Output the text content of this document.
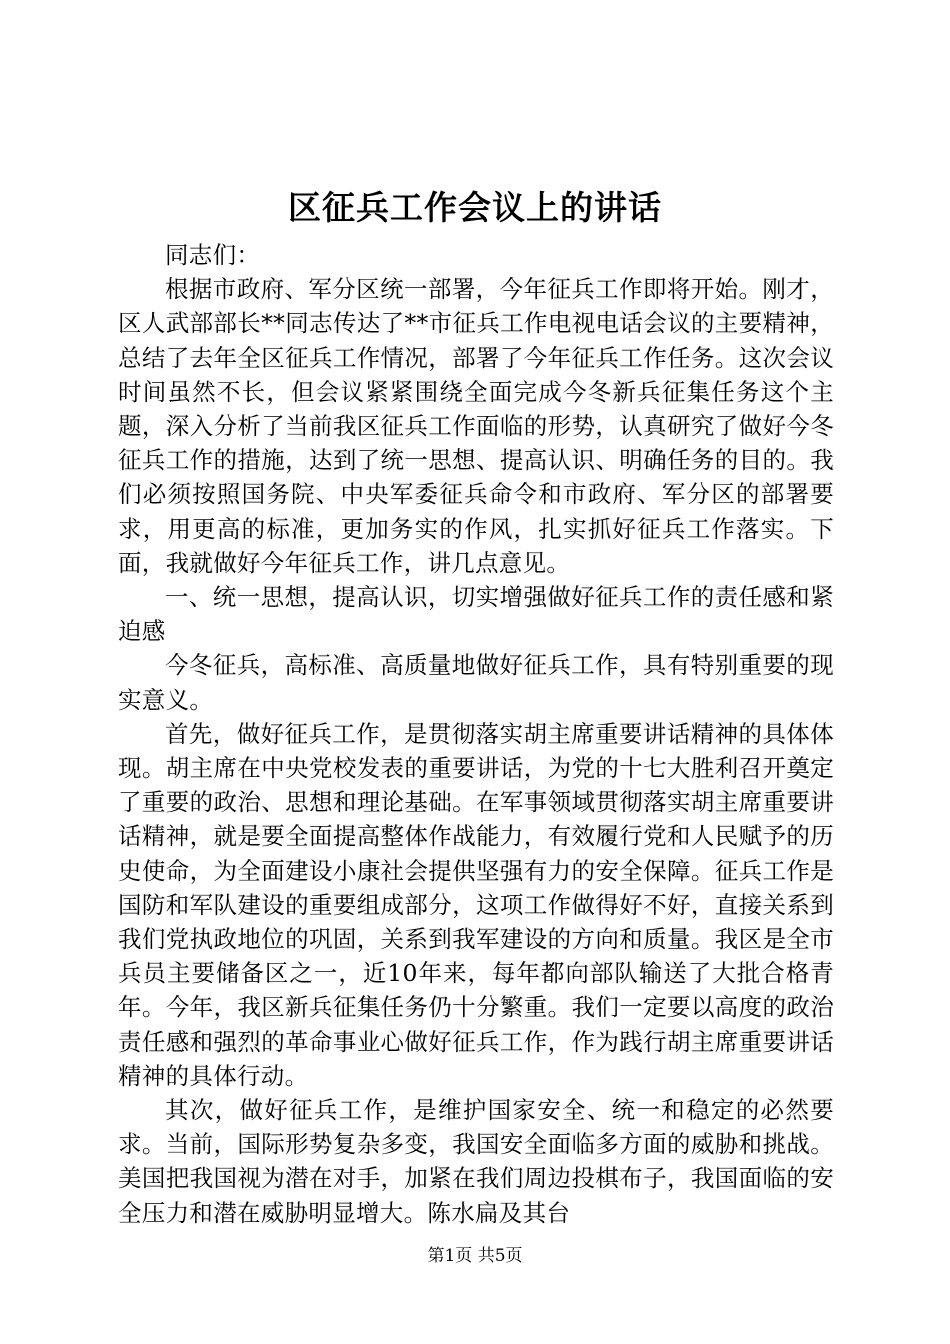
区征兵工作会议上的讲话

同志们：

根据市政府、军分区统一部署，今年征兵工作即将开始。刚才，区人武部部长**同志传达了**市征兵工作电视电话会议的主要精神，总结了去年全区征兵工作情况，部署了今年征兵工作任务。这次会议时间虽然不长，但会议紧紧围绕全面完成今冬新兵征集任务这个主题，深入分析了当前我区征兵工作面临的形势，认真研究了做好今冬征兵工作的措施，达到了统一思想、提高认识、明确任务的目的。我们必须按照国务院、中央军委征兵命令和市政府、军分区的部署要求，用更高的标准，更加务实的作风，扎实抓好征兵工作落实。下面，我就做好今年征兵工作，讲几点意见。

一、统一思想，提高认识，切实增强做好征兵工作的责任感和紧迫感

今冬征兵，高标准、高质量地做好征兵工作，具有特别重要的现实意义。

首先，做好征兵工作，是贯彻落实胡主席重要讲话精神的具体体现。胡主席在中央党校发表的重要讲话，为党的十七大胜利召开奠定了重要的政治、思想和理论基础。在军事领域贯彻落实胡主席重要讲话精神，就是要全面提高整体作战能力，有效履行党和人民赋予的历史使命，为全面建设小康社会提供坚强有力的安全保障。征兵工作是国防和军队建设的重要组成部分，这项工作做得好不好，直接关系到我们党执政地位的巩固，关系到我军建设的方向和质量。我区是全市兵员主要储备区之一，近10年来，每年都向部队输送了大批合格青年。今年，我区新兵征集任务仍十分繁重。我们一定要以高度的政治责任感和强烈的革命事业心做好征兵工作，作为践行胡主席重要讲话精神的具体行动。

其次，做好征兵工作，是维护国家安全、统一和稳定的必然要求。当前，国际形势复杂多变，我国安全面临多方面的威胁和挑战。美国把我国视为潜在对手，加紧在我们周边投棋布子，我国面临的安全压力和潜在威胁明显增大。陈水扁及其台

第1页 共5页
